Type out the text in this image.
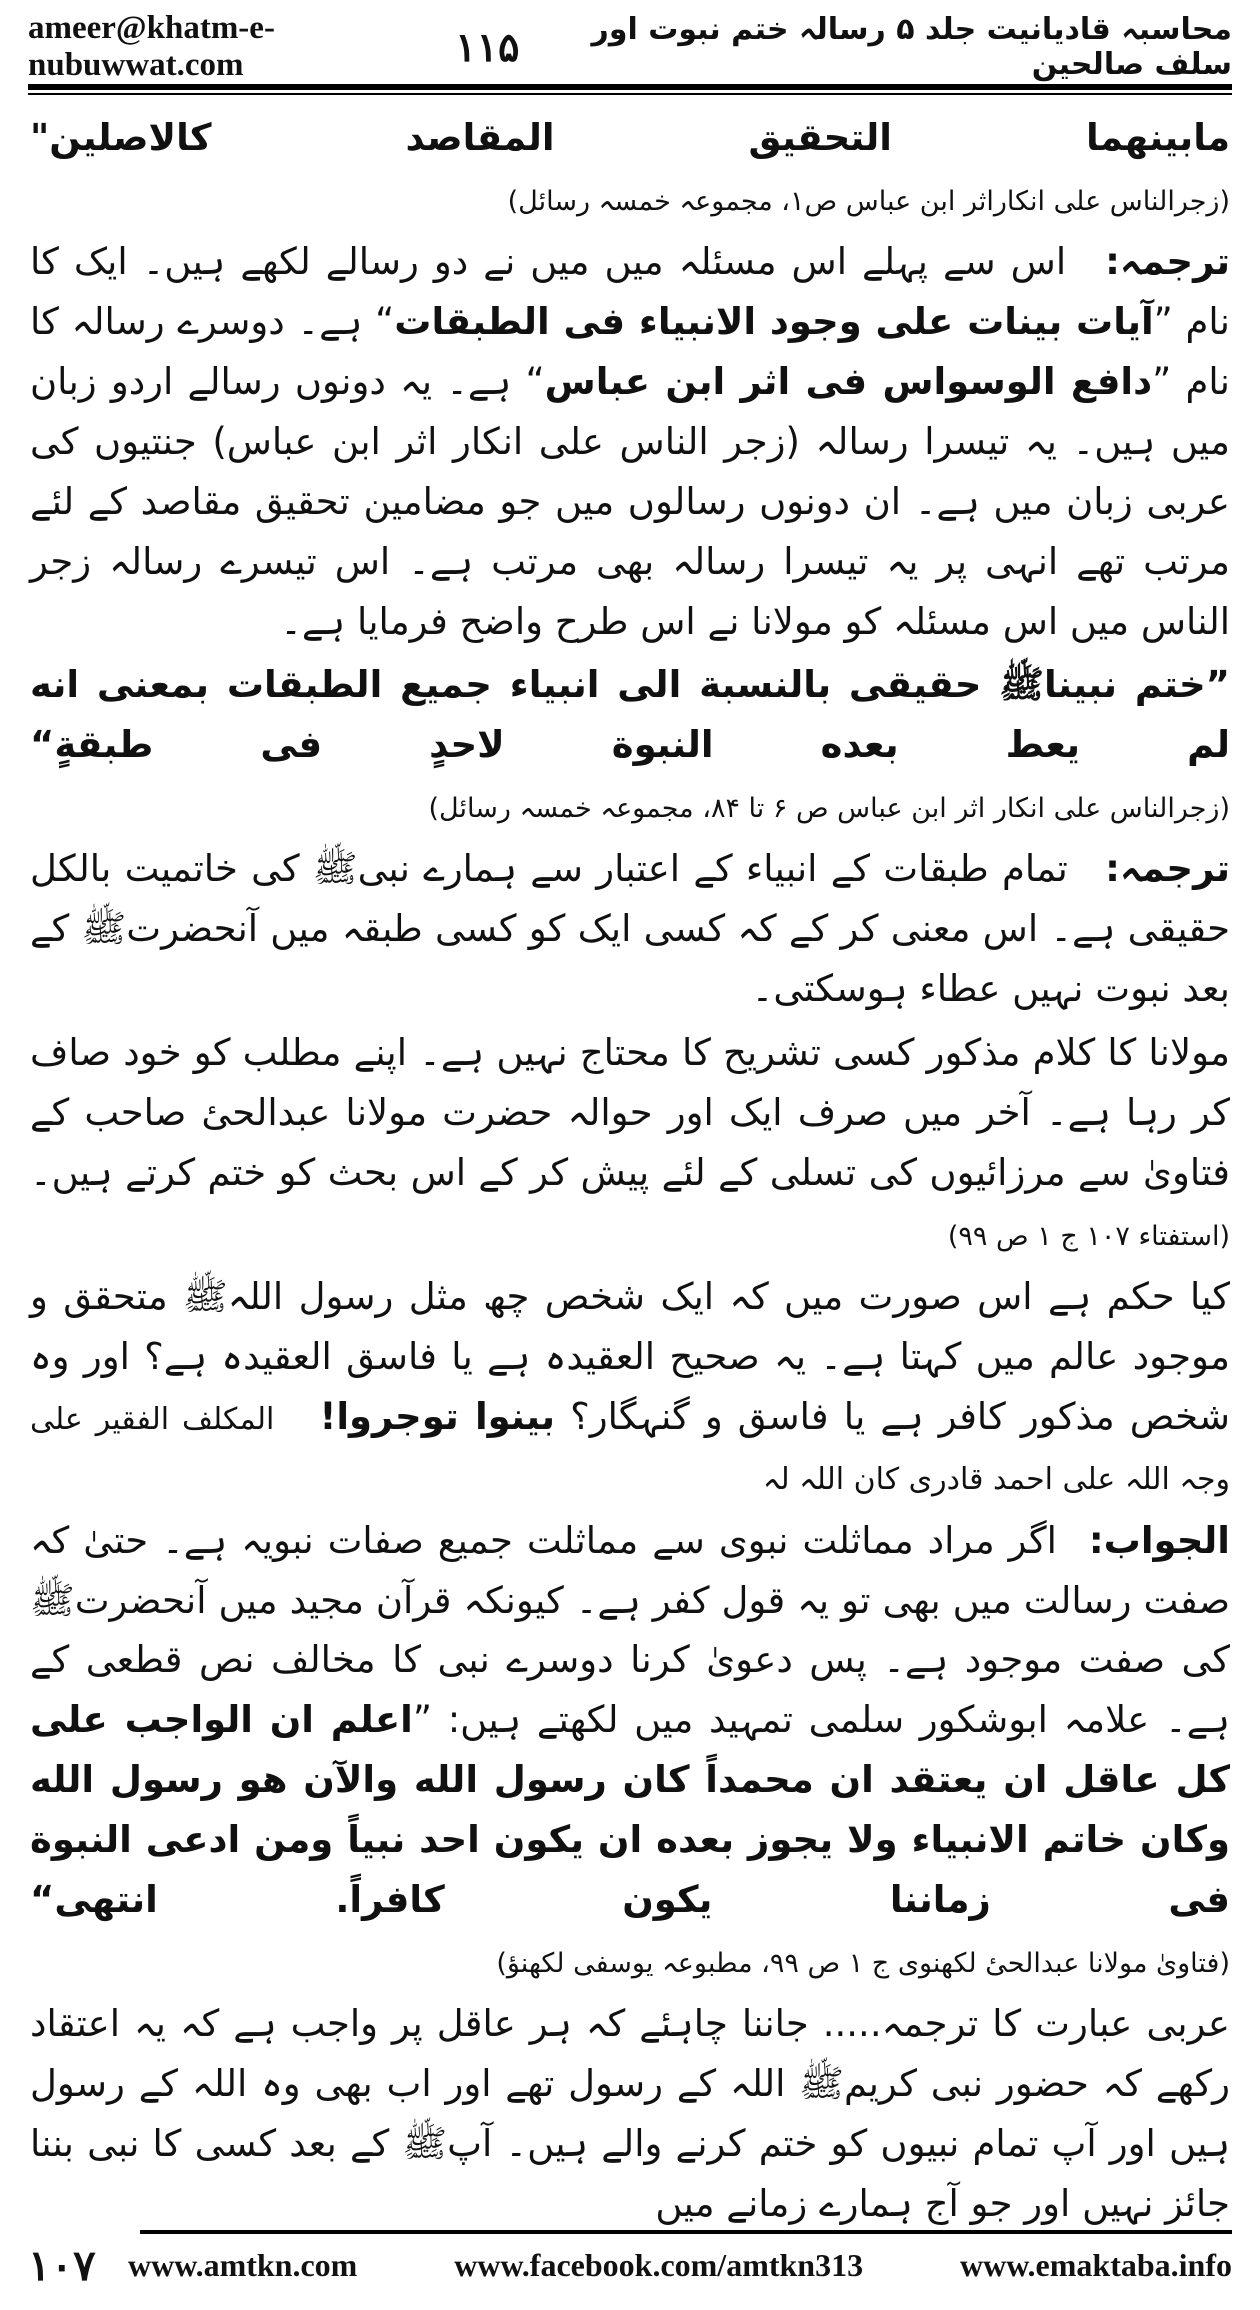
ameer@khatm-e-nubuwwat.com	۱۱۵	محاسبہ قادیانیت جلد ۵ رسالہ ختم نبوت اور سلف صالحین

مابینهما التحقیق المقاصد کالاصلین" (زجرالناس علی انکاراثر ابن عباس ص۱، مجموعہ خمسہ رسائل)

ترجمہ: اس سے پہلے اس مسئلہ میں میں نے دو رسالے لکھے ہیں۔ ایک کا نام ”آیات بینات علی وجود الانبیاء فی الطبقات“ ہے۔ دوسرے رسالہ کا نام ”دافع الوسواس فی اثر ابن عباس“ ہے۔ یہ دونوں رسالے اردو زبان میں ہیں۔ یہ تیسرا رسالہ (زجر الناس علی انکار اثر ابن عباس) جنتیوں کی عربی زبان میں ہے۔ ان دونوں رسالوں میں جو مضامین تحقیق مقاصد کے لئے مرتب تھے انہی پر یہ تیسرا رسالہ بھی مرتب ہے۔ اس تیسرے رسالہ زجر الناس میں اس مسئلہ کو مولانا نے اس طرح واضح فرمایا ہے۔

”ختم نبیناﷺ حقیقی بالنسبة الی انبیاء جمیع الطبقات بمعنی انه لم یعط بعده النبوة لاحدٍ فی طبقةٍ“ (زجرالناس علی انکار اثر ابن عباس ص ۶ تا ۸۴، مجموعہ خمسہ رسائل)

ترجمہ: تمام طبقات کے انبیاء کے اعتبار سے ہمارے نبیﷺ کی خاتمیت بالکل حقیقی ہے۔ اس معنی کر کے کہ کسی ایک کو کسی طبقہ میں آنحضرتﷺ کے بعد نبوت نہیں عطاء ہوسکتی۔

مولانا کا کلام مذکور کسی تشریح کا محتاج نہیں ہے۔ اپنے مطلب کو خود صاف کر رہا ہے۔ آخر میں صرف ایک اور حوالہ حضرت مولانا عبدالحیٔ صاحب کے فتاویٰ سے مرزائیوں کی تسلی کے لئے پیش کر کے اس بحث کو ختم کرتے ہیں۔ (استفتاء ۱۰۷ ج ۱ ص ۹۹)

کیا حکم ہے اس صورت میں کہ ایک شخص چھ مثل رسول اللہﷺ متحقق و موجود عالم میں کہتا ہے۔ یہ صحیح العقیدہ ہے یا فاسق العقیدہ ہے؟ اور وہ شخص مذکور کافر ہے یا فاسق و گنہگار؟ بینوا توجروا! المکلف الفقیر علی وجہ اللہ علی احمد قادری کان اللہ لہ

الجواب: اگر مراد مماثلت نبوی سے مماثلت جمیع صفات نبویہ ہے۔ حتیٰ کہ صفت رسالت میں بھی تو یہ قول کفر ہے۔ کیونکہ قرآن مجید میں آنحضرتﷺ کی صفت موجود ہے۔ پس دعویٰ کرنا دوسرے نبی کا مخالف نص قطعی کے ہے۔ علامہ ابوشکور سلمی تمہید میں لکھتے ہیں: ”اعلم ان الواجب علی کل عاقل ان یعتقد ان محمداً کان رسول الله والآن هو رسول الله وکان خاتم الانبیاء ولا یجوز بعده ان یکون احد نبیاً ومن ادعی النبوة فی زماننا یکون کافراً. انتهی“ (فتاویٰ مولانا عبدالحیٔ لکھنوی ج ۱ ص ۹۹، مطبوعہ یوسفی لکھنؤ)

عربی عبارت کا ترجمہ..... جاننا چاہئے کہ ہر عاقل پر واجب ہے کہ یہ اعتقاد رکھے کہ حضور نبی کریمﷺ اللہ کے رسول تھے اور اب بھی وہ اللہ کے رسول ہیں اور آپ تمام نبیوں کو ختم کرنے والے ہیں۔ آپﷺ کے بعد کسی کا نبی بننا جائز نہیں اور جو آج ہمارے زمانے میں

۱۰۷	www.amtkn.com	www.facebook.com/amtkn313	www.emaktaba.info
